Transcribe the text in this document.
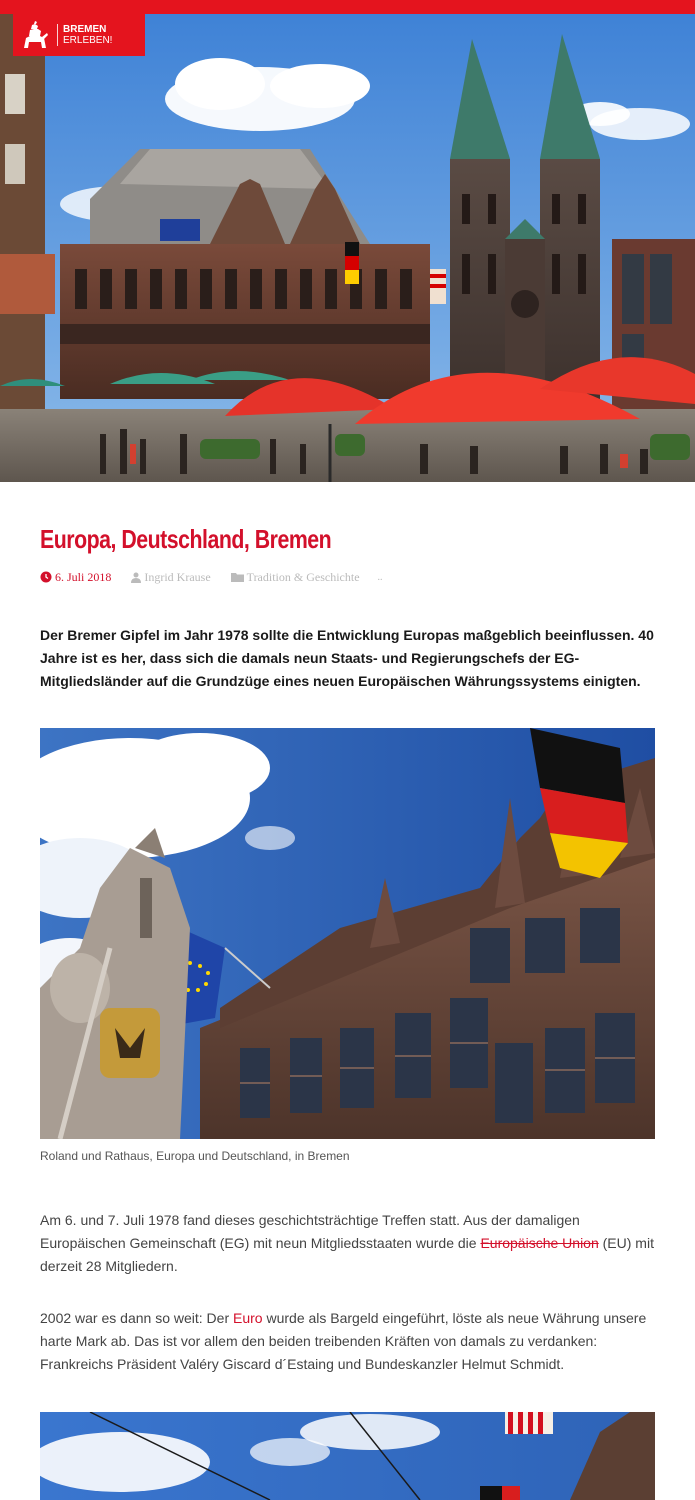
BREMEN
ERLEBEN!
Europa, Deutschland, Bremen
6. Juli 2018	Ingrid Krause	Tradition & Geschichte ..

Der Bremer Gipfel im Jahr 1978 sollte die Entwicklung Europas maßgeblich beeinflussen. 40 Jahre ist es her, dass sich die damals neun Staats- und Regierungschefs der EG-Mitgliedsländer auf die Grundzüge eines neuen Europäischen Währungssystems einigten.

Roland und Rathaus, Europa und Deutschland, in Bremen

Am 6. und 7. Juli 1978 fand dieses geschichtsträchtige Treffen statt. Aus der damaligen Europäischen Gemeinschaft (EG) mit neun Mitgliedsstaaten wurde die Europäische Union (EU) mit derzeit 28 Mitgliedern.

2002 war es dann so weit: Der Euro wurde als Bargeld eingeführt, löste als neue Währung unsere harte Mark ab. Das ist vor allem den beiden treibenden Kräften von damals zu verdanken: Frankreichs Präsident Valéry Giscard d´Estaing und Bundeskanzler Helmut Schmidt.
